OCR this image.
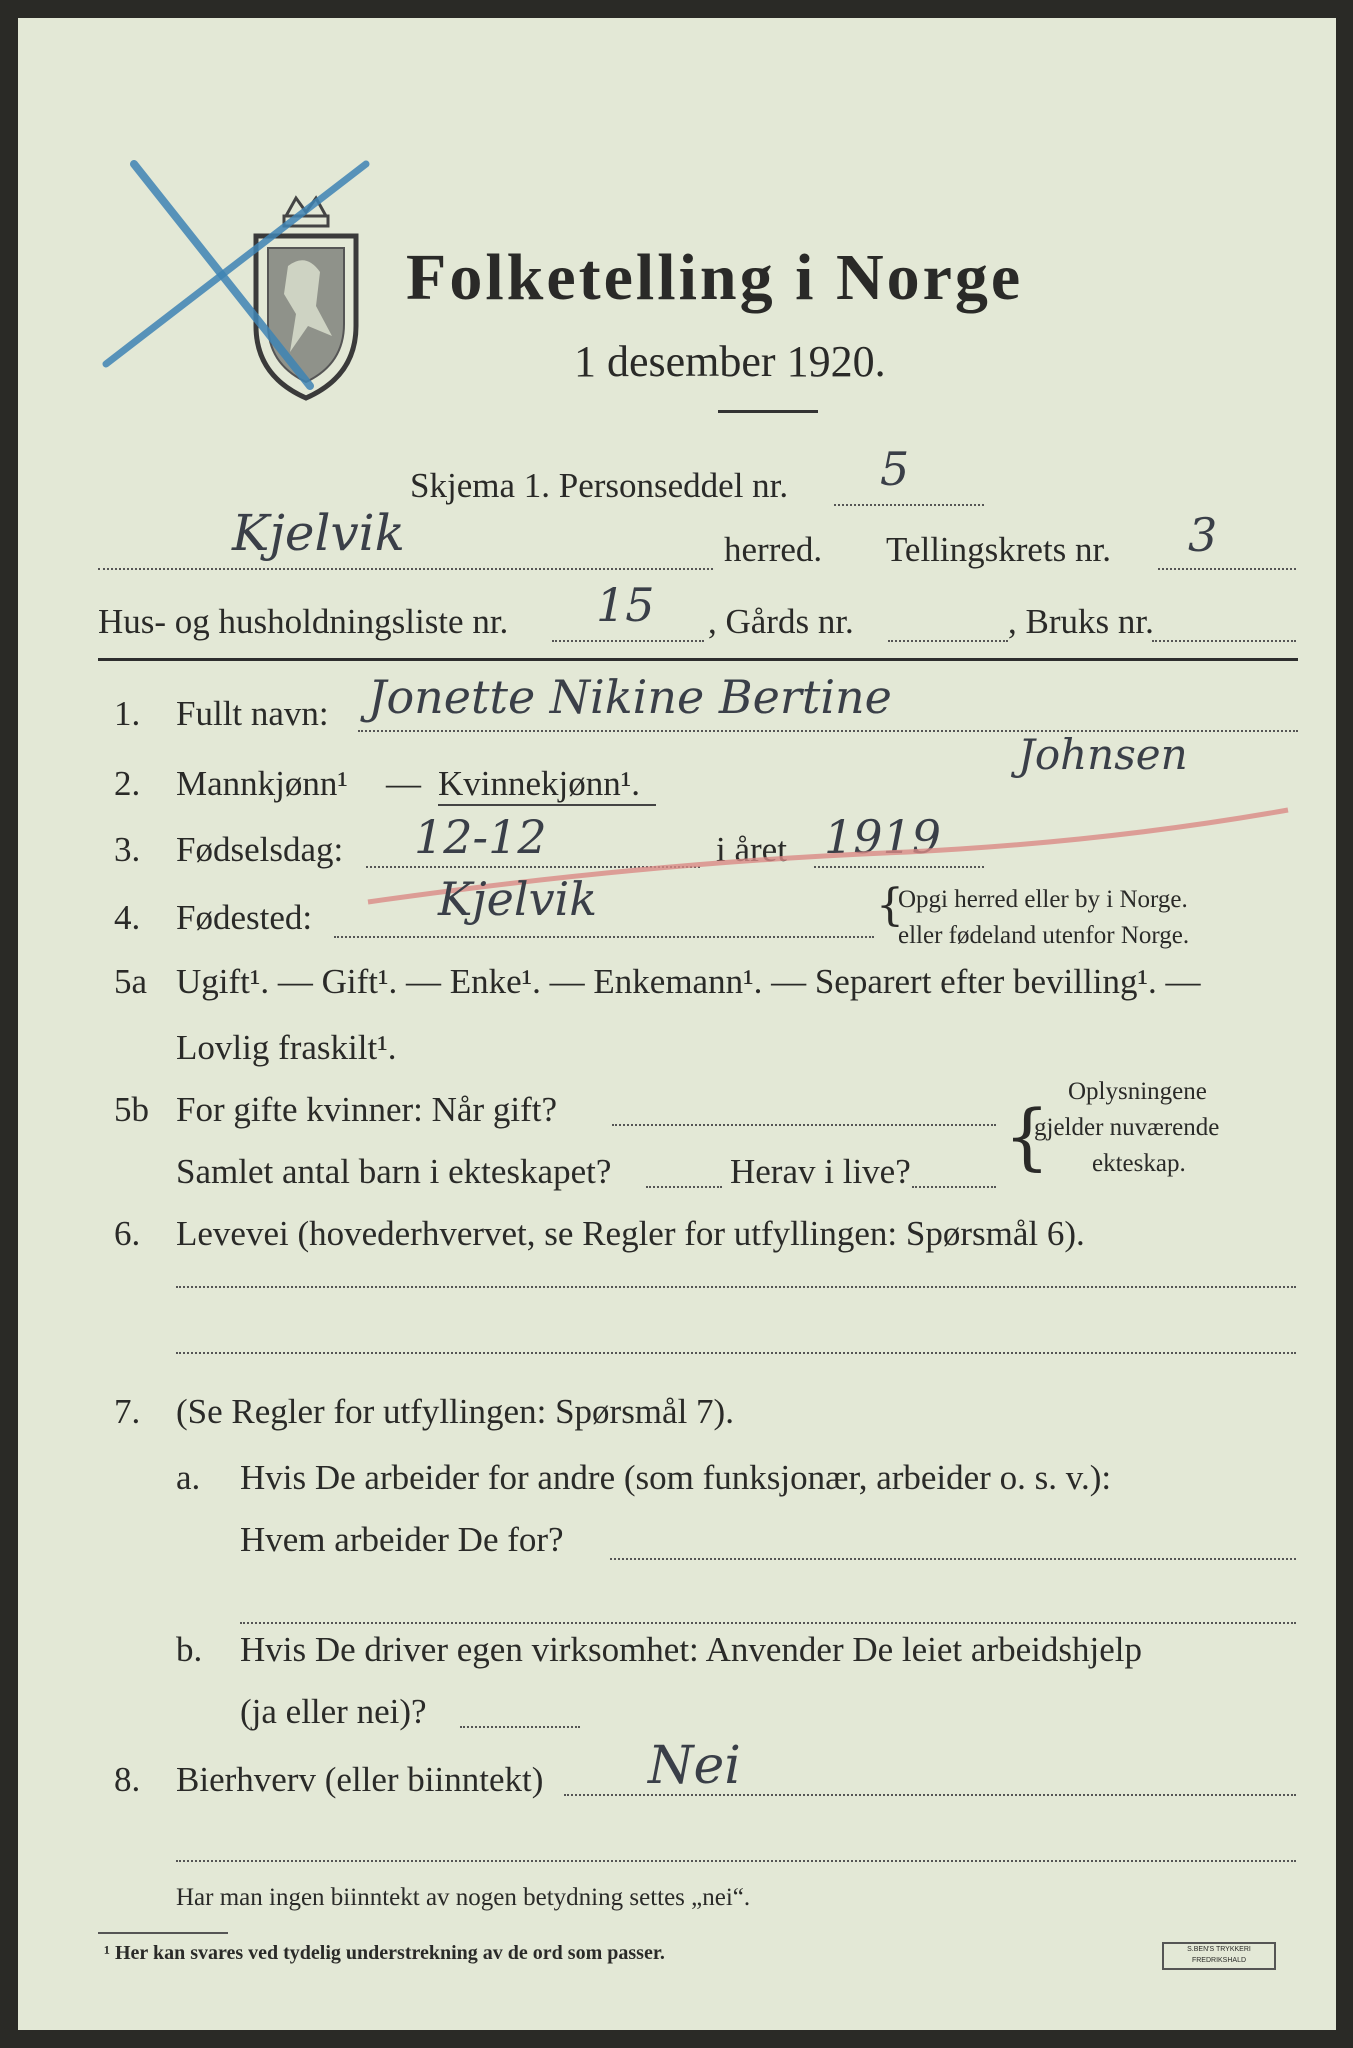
Folketelling i Norge
1 desember 1920.
Skjema 1. Personseddel nr. 5
Kjelvik	herred. Tellingskrets nr. 3
Hus- og husholdningsliste nr. 15 , Gårds nr.	, Bruks nr.
1. Fullt navn: Jonette Nikine Bertine
Johnsen
2. Mannkjønn¹ — Kvinnekjønn¹.
3. Fødselsdag: 12-12	i året 1919
4. Fødested:	Kjelvik	{
Opgi herred eller by i Norge.
eller fødeland utenfor Norge.
5a Ugift¹. — Gift¹. — Enke¹. — Enkemann¹. — Separert efter bevilling¹. —
Lovlig fraskilt¹.
5b For gifte kvinner: Når gift?
Samlet antal barn i ekteskapet?	Herav i live? {
Oplysningene
gjelder nuværende
ekteskap.
6. Levevei (hovederhvervet, se Regler for utfyllingen: Spørsmål 6).
7. (Se Regler for utfyllingen: Spørsmål 7).
a. Hvis De arbeider for andre (som funksjonær, arbeider o. s. v.):
Hvem arbeider De for?
b. Hvis De driver egen virksomhet: Anvender De leiet arbeidshjelp
(ja eller nei)?
8. Bierhverv (eller biinntekt) Nei
Har man ingen biinntekt av nogen betydning settes „nei“.
¹ Her kan svares ved tydelig understrekning av de ord som passer.	S.BEN'S TRYKKERI FREDRIKSHALD
